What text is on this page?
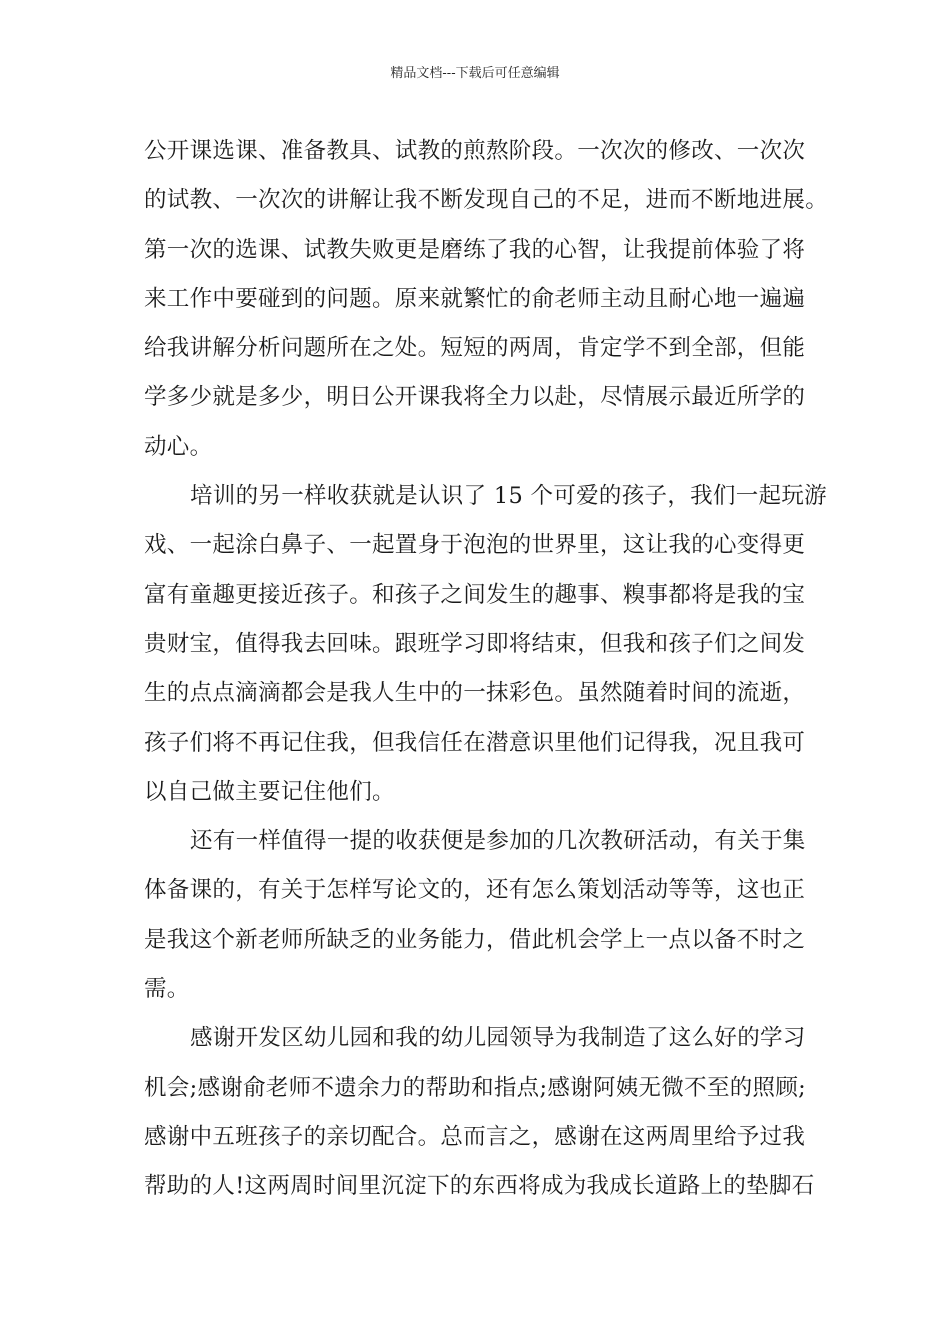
精品文档---下载后可任意编辑
公开课选课、准备教具、试教的煎熬阶段。一次次的修改、一次次
的试教、一次次的讲解让我不断发现自己的不足，进而不断地进展。
第一次的选课、试教失败更是磨练了我的心智，让我提前体验了将
来工作中要碰到的问题。原来就繁忙的俞老师主动且耐心地一遍遍
给我讲解分析问题所在之处。短短的两周，肯定学不到全部，但能
学多少就是多少，明日公开课我将全力以赴，尽情展示最近所学的
动心。
培训的另一样收获就是认识了 15 个可爱的孩子，我们一起玩游
戏、一起涂白鼻子、一起置身于泡泡的世界里，这让我的心变得更
富有童趣更接近孩子。和孩子之间发生的趣事、糗事都将是我的宝
贵财宝，值得我去回味。跟班学习即将结束，但我和孩子们之间发
生的点点滴滴都会是我人生中的一抹彩色。虽然随着时间的流逝，
孩子们将不再记住我，但我信任在潜意识里他们记得我，况且我可
以自己做主要记住他们。
还有一样值得一提的收获便是参加的几次教研活动，有关于集
体备课的，有关于怎样写论文的，还有怎么策划活动等等，这也正
是我这个新老师所缺乏的业务能力，借此机会学上一点以备不时之
需。
感谢开发区幼儿园和我的幼儿园领导为我制造了这么好的学习
机会;感谢俞老师不遗余力的帮助和指点;感谢阿姨无微不至的照顾;
感谢中五班孩子的亲切配合。总而言之，感谢在这两周里给予过我
帮助的人!这两周时间里沉淀下的东西将成为我成长道路上的垫脚石
